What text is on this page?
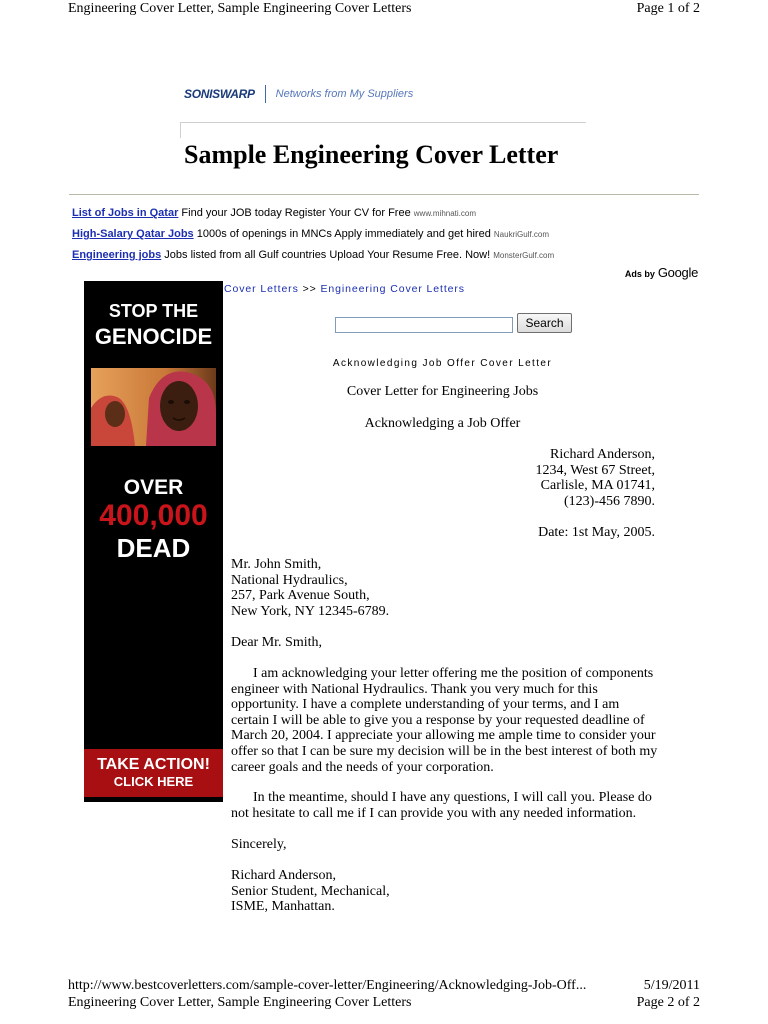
Engineering Cover Letter, Sample Engineering Cover Letters	Page 1 of 2
SONISWARP Networks from My Suppliers
Sample Engineering Cover Letter
List of Jobs in Qatar Find your JOB today Register Your CV for Free www.mihnati.com
High-Salary Qatar Jobs 1000s of openings in MNCs Apply immediately and get hired NaukriGulf.com
Engineering jobs Jobs listed from all Gulf countries Upload Your Resume Free. Now! MonsterGulf.com
Ads by Google
STOP THE
GENOCIDE
OVER
400,000
DEAD
TAKE ACTION!
CLICK HERE
Cover Letters >> Engineering Cover Letters
Search
Acknowledging Job Offer Cover Letter
Cover Letter for Engineering Jobs
Acknowledging a Job Offer
Richard Anderson,
1234, West 67 Street,
Carlisle, MA 01741,
(123)-456 7890.
Date: 1st May, 2005.
Mr. John Smith,
National Hydraulics,
257, Park Avenue South,
New York, NY 12345-6789.
Dear Mr. Smith,
I am acknowledging your letter offering me the position of components
engineer with National Hydraulics. Thank you very much for this
opportunity. I have a complete understanding of your terms, and I am
certain I will be able to give you a response by your requested deadline of
March 20, 2004. I appreciate your allowing me ample time to consider your
offer so that I can be sure my decision will be in the best interest of both my
career goals and the needs of your corporation.
In the meantime, should I have any questions, I will call you. Please do
not hesitate to call me if I can provide you with any needed information.
Sincerely,
Richard Anderson,
Senior Student, Mechanical,
ISME, Manhattan.
http://www.bestcoverletters.com/sample-cover-letter/Engineering/Acknowledging-Job-Off...	5/19/2011
Engineering Cover Letter, Sample Engineering Cover Letters	Page 2 of 2
